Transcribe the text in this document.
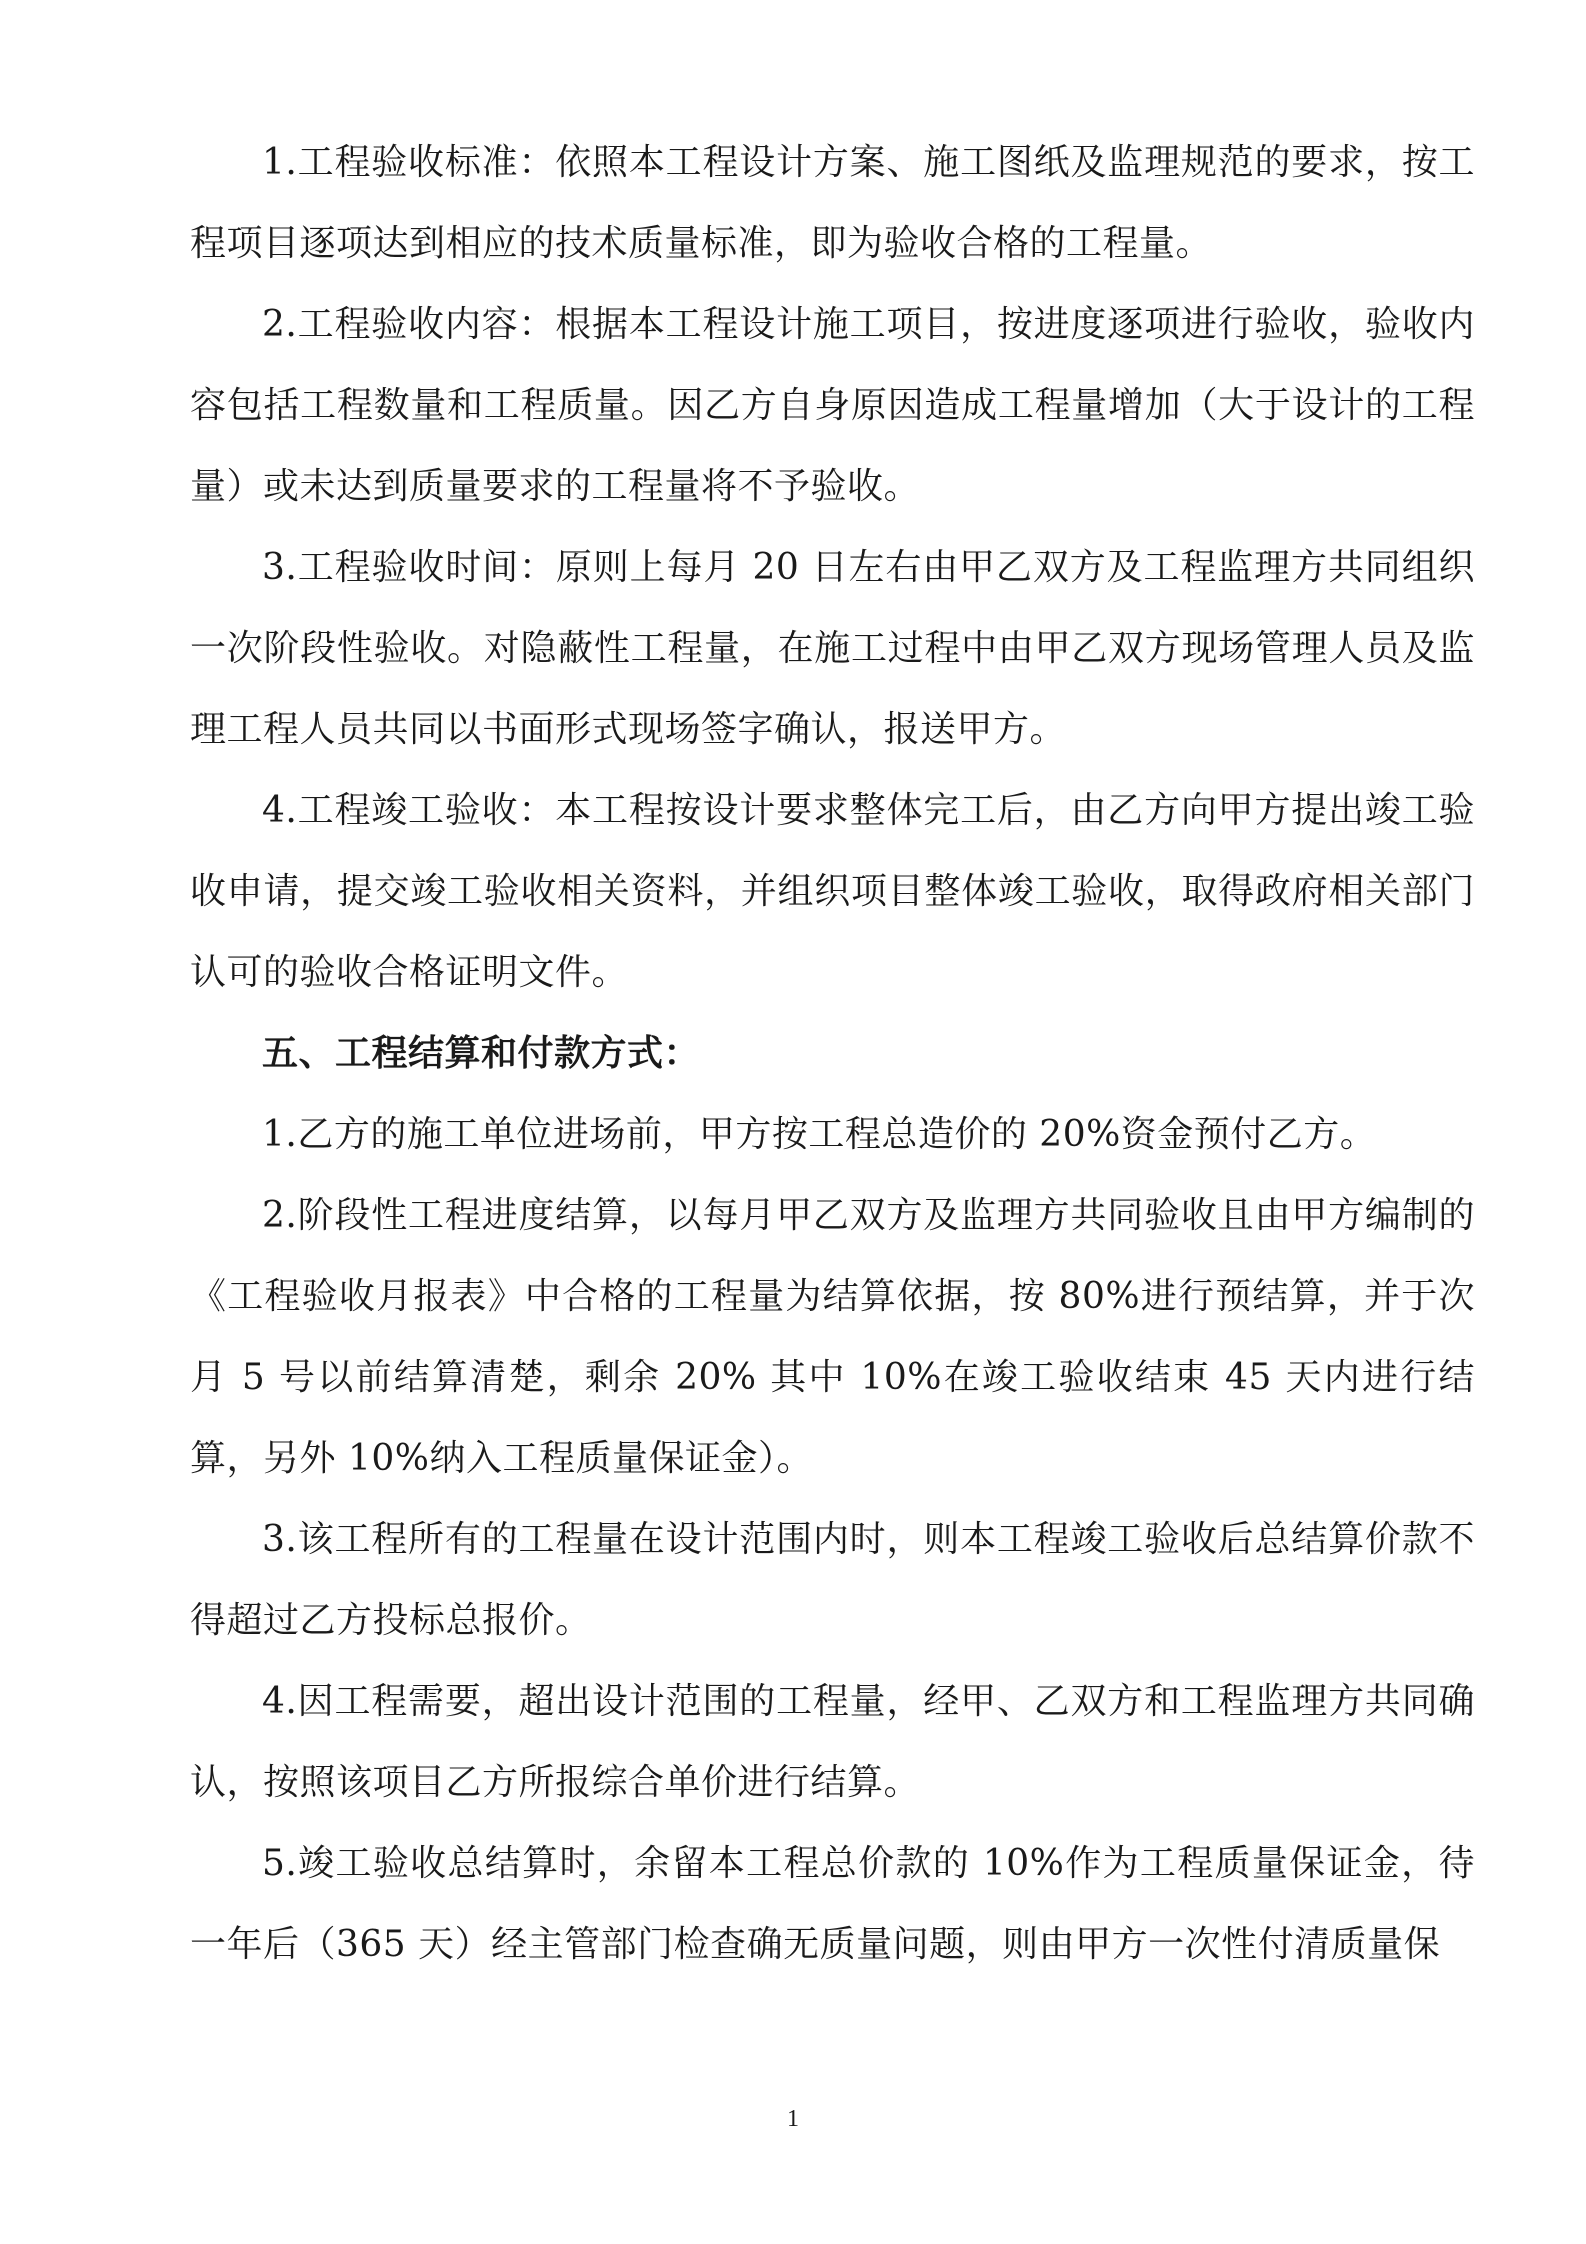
1.工程验收标准：依照本工程设计方案、施工图纸及监理规范的要求，按工程项目逐项达到相应的技术质量标准，即为验收合格的工程量。

2.工程验收内容：根据本工程设计施工项目，按进度逐项进行验收，验收内容包括工程数量和工程质量。因乙方自身原因造成工程量增加（大于设计的工程量）或未达到质量要求的工程量将不予验收。

3.工程验收时间：原则上每月 20 日左右由甲乙双方及工程监理方共同组织一次阶段性验收。对隐蔽性工程量，在施工过程中由甲乙双方现场管理人员及监理工程人员共同以书面形式现场签字确认，报送甲方。

4.工程竣工验收：本工程按设计要求整体完工后，由乙方向甲方提出竣工验收申请，提交竣工验收相关资料，并组织项目整体竣工验收，取得政府相关部门认可的验收合格证明文件。

五、工程结算和付款方式：

1.乙方的施工单位进场前，甲方按工程总造价的 20%资金预付乙方。

2.阶段性工程进度结算，以每月甲乙双方及监理方共同验收且由甲方编制的《工程验收月报表》中合格的工程量为结算依据，按 80%进行预结算，并于次月 5 号以前结算清楚，剩余 20% 其中 10%在竣工验收结束 45 天内进行结算，另外 10%纳入工程质量保证金）。

3.该工程所有的工程量在设计范围内时，则本工程竣工验收后总结算价款不得超过乙方投标总报价。

4.因工程需要，超出设计范围的工程量，经甲、乙双方和工程监理方共同确认，按照该项目乙方所报综合单价进行结算。

5.竣工验收总结算时，余留本工程总价款的 10%作为工程质量保证金，待一年后（365 天）经主管部门检查确无质量问题，则由甲方一次性付清质量保

1
